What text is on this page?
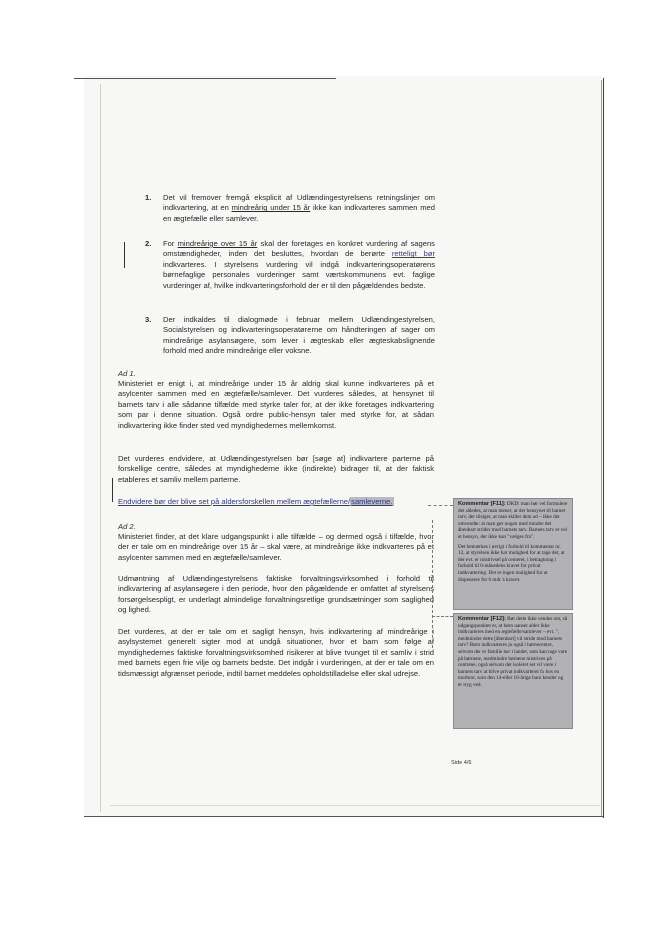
1.	Det vil fremover fremgå eksplicit af Udlændingestyrelsens retningslinjer om indkvartering, at en mindreårig under 15 år ikke kan indkvarteres sammen med en ægtefælle eller samlever.
2.	For mindreårige over 15 år skal der foretages en konkret vurdering af sagens omstændigheder, inden det besluttes, hvordan de berørte retteligt bør indkvarteres. I styrelsens vurdering vil indgå indkvarteringsoperatørens børnefaglige personales vurderinger samt værtskommunens evt. faglige vurderinger af, hvilke indkvarteringsforhold der er til den pågældendes bedste.
3.	Der indkaldes til dialogmøde i februar mellem Udlændingestyrelsen, Socialstyrelsen og indkvarteringsoperatørerne om håndteringen af sager om mindreårige asylansøgere, som lever i ægteskab eller ægteskabslignende forhold med andre mindreårige eller voksne.
Ad 1.
Ministeriet er enigt i, at mindreårige under 15 år aldrig skal kunne indkvarteres på et asylcenter sammen med en ægtefælle/samlever. Det vurderes således, at hensynet til barnets tarv i alle sådanne tilfælde med styrke taler for, at der ikke foretages indkvartering som par i denne situation. Også ordre public-hensyn taler med styrke for, at sådan indkvartering ikke finder sted ved myndighedernes mellemkomst.
Det vurderes endvidere, at Udlændingestyrelsen bør [søge at] indkvartere parterne på forskellige centre, således at myndighederne ikke (indirekte) bidrager til, at der faktisk etableres et samliv mellem parterne.
Endvidere bør der blive set på aldersforskellen mellem ægtefællerne/samleverne.
Ad 2.
Ministeriet finder, at det klare udgangspunkt i alle tilfælde – og dermed også i tilfælde, hvor der er tale om en mindreårige over 15 år – skal være, at mindreårige ikke indkvarteres på et asylcenter sammen med en ægtefælle/samlever.
Udmøntning af Udlændingestyrelsens faktiske forvaltningsvirksomhed i forhold til indkvartering af asylansøgere i den periode, hvor den pågældende er omfattet af styrelsens forsørgelsespligt, er underlagt almindelige forvaltningsretlige grundsætninger som saglighed og lighed.
Det vurderes, at der er tale om et sagligt hensyn, hvis indkvartering af mindreårige i asylsystemet generelt sigter mod at undgå situationer, hvor et barn som følge af myndighedernes faktiske forvaltningsvirksomhed risikerer at blive tvunget til et samliv i strid med barnets egen frie vilje og barnets bedste. Det indgår i vurderingen, at der er tale om en tidsmæssigt afgrænset periode, indtil barnet meddeles opholdstilladelse eller skal udrejse.

Kommentar [F11]: DKD: man bør vel formulere det således, at man mener, at der hensynet til barnet tarv, der tilsiger, at man skiller dem ad – ikke det omvendte: at man gør nogen med mindre det åbenbart strider mod barnets tarv. Barnets tarv er vel et hensyn, der ikke kan "vælges fra".

Det bemærkes i øvrigt i forhold til kommentar nr. 12, at styrelsen ikke har mulighed for at tage det, at der evt. er mistrivsel på centeret, i betragtning i forhold til 6-månedens kravet for privat indkvartering. Det er ingen mulighed for at dispensere for 6 mdr.'s kravet.

Kommentar [F12]: Bør dette ikke vendes om, så udgangspunktet er, at børn uanset alder ikke indkvarteres med en ægtefælle/samlever – evt. ", medmindre dette [åbenbart] vil stride mod barnets tarv? Børn indkvarteres jo også i børnecentre, selvom der er familie her i landet, som kan tage vare på børnene, medmindre børnene mistrives på centrene, også selvom det isoleret set vil være i barnets tarv at blive privat indkvarteret fx hos en morbror, som den 14-eller 16-årige barn kender og er tryg ved.

Side 4/6
